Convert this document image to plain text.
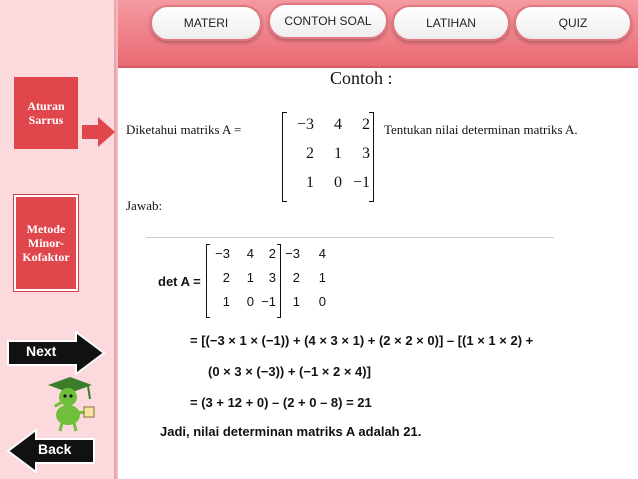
Aturan
Sarrus
Metode
Minor-
Kofaktor
Next
Back
MATERI	CONTOH SOAL	LATIHAN	QUIZ
Contoh :
Diketahui matriks A =	−3	4	2
2	1	3
1	0 −1
Tentukan nilai determinan matriks A.
Jawab:
det A =
−3	4	2 −3	4
2	1	3	2	1
1	0 −1	1	0
= [(−3 × 1 × (−1)) + (4 × 3 × 1) + (2 × 2 × 0)] – [(1 × 1 × 2) +
(0 × 3 × (−3)) + (−1 × 2 × 4)]
= (3 + 12 + 0) – (2 + 0 – 8) = 21
Jadi, nilai determinan matriks A adalah 21.
